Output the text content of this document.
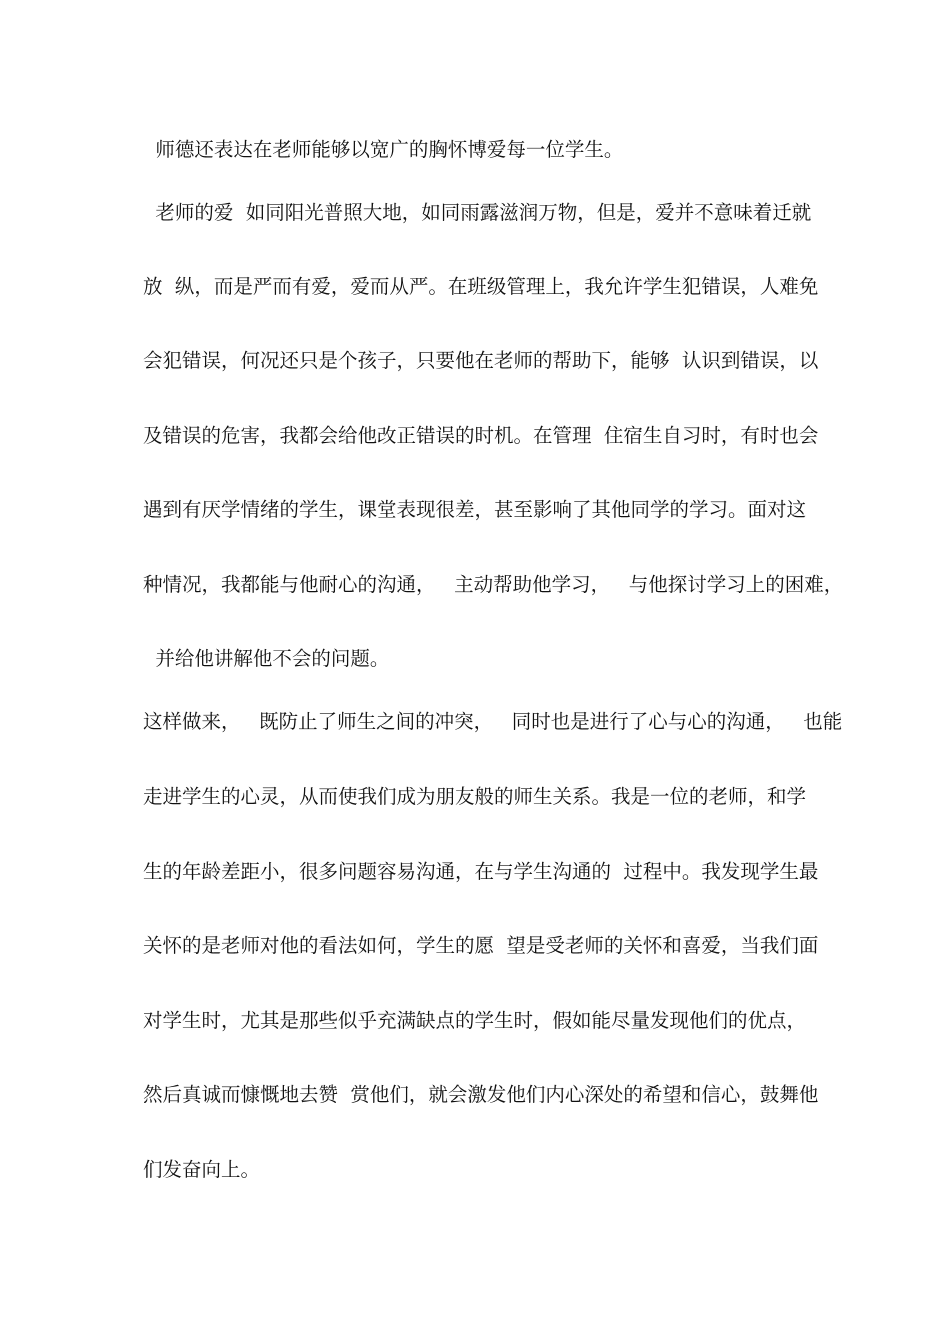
师德还表达在老师能够以宽广的胸怀博爱每一位学生。
老师的爱  如同阳光普照大地，如同雨露滋润万物，但是，爱并不意味着迁就
放  纵，而是严而有爱，爱而从严。在班级管理上，我允许学生犯错误，人难免
会犯错误，何况还只是个孩子，只要他在老师的帮助下，能够  认识到错误，以
及错误的危害，我都会给他改正错误的时机。在管理  住宿生自习时，有时也会
遇到有厌学情绪的学生，课堂表现很差，甚至影响了其他同学的学习。面对这
种情况，我都能与他耐心的沟通，   主动帮助他学习，   与他探讨学习上的困难，
并给他讲解他不会的问题。
这样做来，   既防止了师生之间的冲突，   同时也是进行了心与心的沟通，   也能
走进学生的心灵，从而使我们成为朋友般的师生关系。我是一位的老师，和学
生的年龄差距小，很多问题容易沟通，在与学生沟通的  过程中。我发现学生最
关怀的是老师对他的看法如何，学生的愿  望是受老师的关怀和喜爱，当我们面
对学生时，尤其是那些似乎充满缺点的学生时，假如能尽量发现他们的优点，
然后真诚而慷慨地去赞  赏他们，就会激发他们内心深处的希望和信心，鼓舞他
们发奋向上。
